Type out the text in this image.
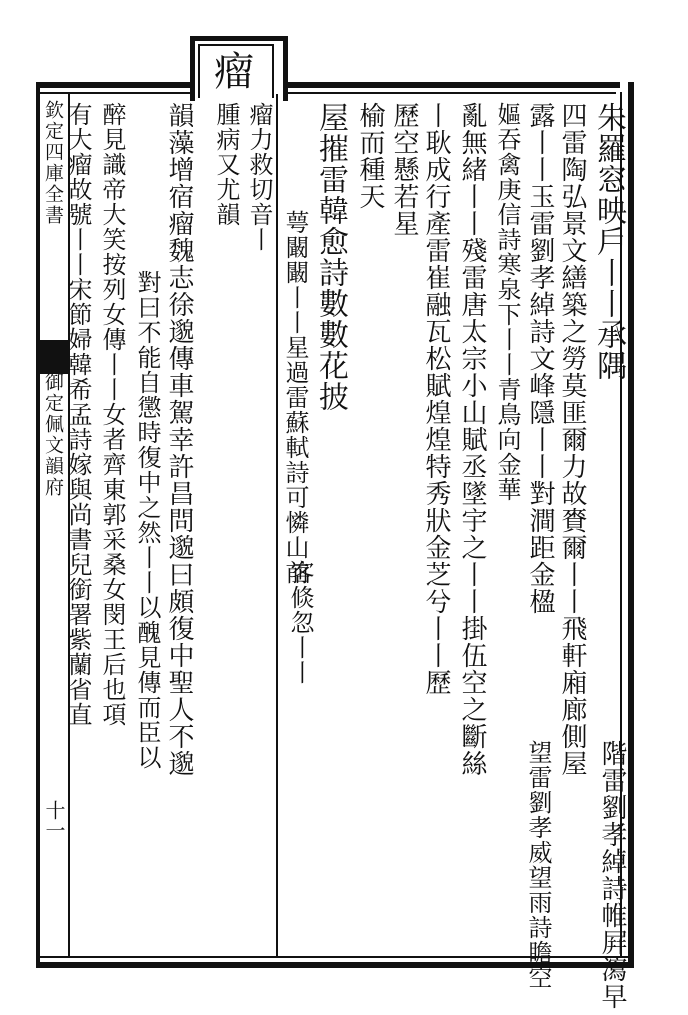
欽定四庫全書
御定佩文韻府
十一
瘤
朱羅窓映戶丨丨承隅
四雷陶弘景文繕築之勞莫匪爾力故賚爾丨丨飛軒廂廊側屋
階雷劉孝綽詩帷屛瀉早
露丨丨玉雷劉孝綽詩文峰隱丨丨對澗距金楹
嫗吞禽庚信詩寒泉下丨丨青鳥向金華
望雷劉孝威望雨詩瞻空
亂無緒丨丨殘雷唐太宗小山賦丞墜宇之丨丨掛伍空之斷絲
丨耿成行產雷崔融瓦松賦煌煌特秀狀金芝兮丨丨歷
歷空懸若星
榆而種天
屋摧雷韓愈詩數數花披
萼闞闞丨丨星過雷蘇軾詩可憐山前
客倐忽丨丨
瘤力救切音丨
腫病又尤韻
韻藻增宿瘤魏志徐邈傳車駕幸許昌問邈曰頗復中聖人不邈
對曰不能自懲時復中之然丨丨以醜見傳而臣以
醉見識帝大笑按列女傳丨丨女者齊東郭采桑女閔王后也項
有大瘤故號丨丨宋節婦韓希孟詩嫁與尚書兒銜署紫蘭省直
